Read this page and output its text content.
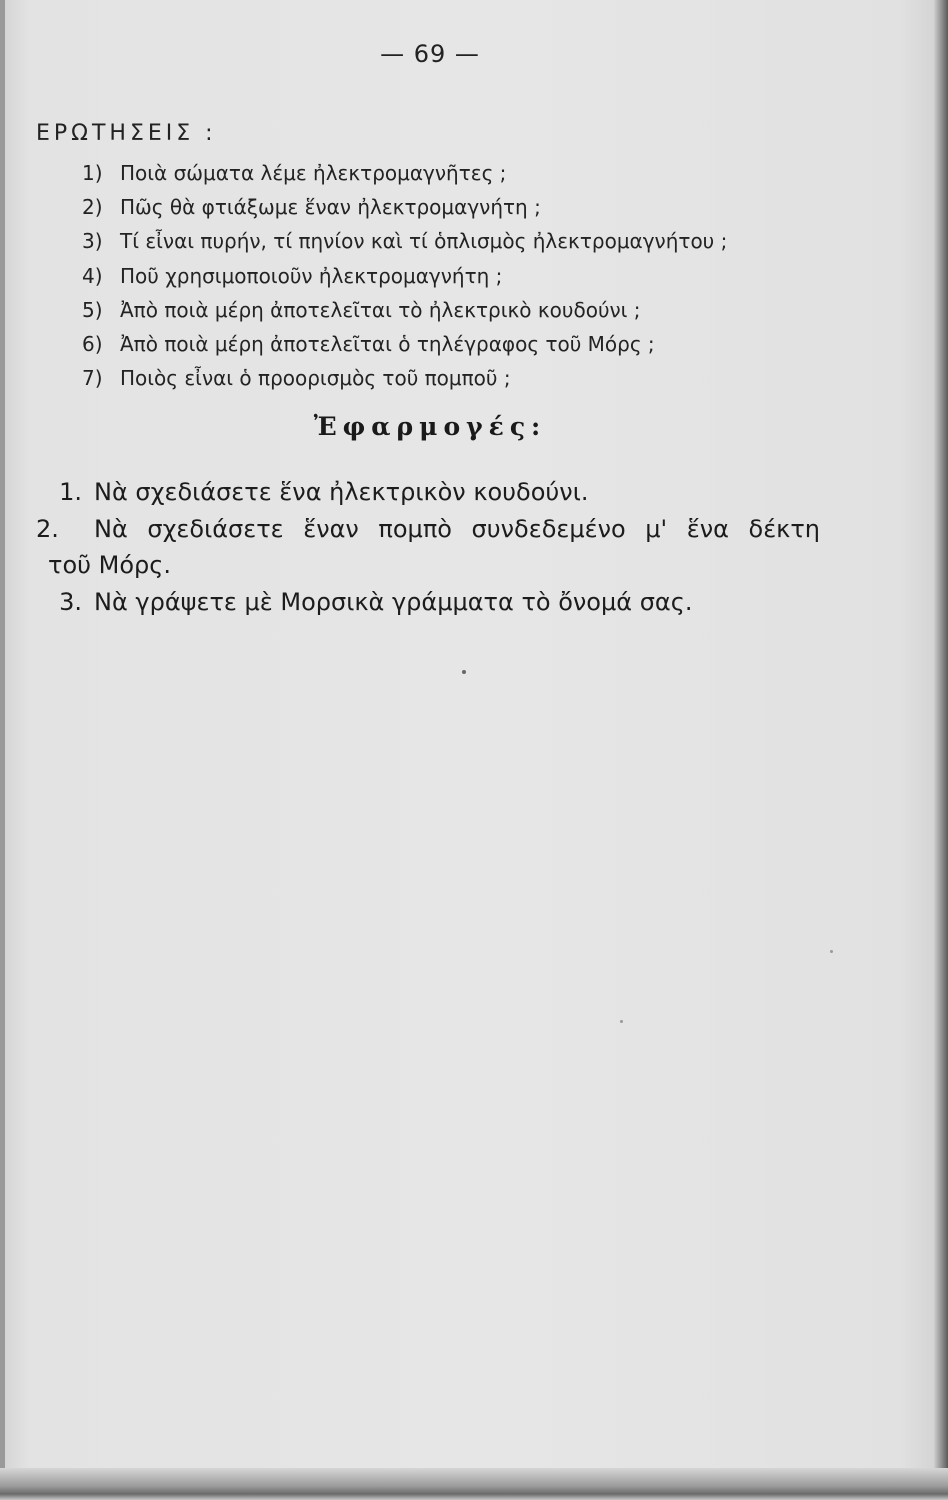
— 69 —
ΕΡΩΤΗΣΕΙΣ :
1) Ποιὰ σώματα λέμε ἠλεκτρομαγνῆτες ;
2) Πῶς θὰ φτιάξωμε ἕναν ἠλεκτρομαγνήτη ;
3) Τί εἶναι πυρήν, τί πηνίον καὶ τί ὁπλισμὸς ἠλεκτρομαγνήτου ;
4) Ποῦ χρησιμοποιοῦν ἠλεκτρομαγνήτη ;
5) Ἀπὸ ποιὰ μέρη ἀποτελεῖται τὸ ἠλεκτρικὸ κουδούνι ;
6) Ἀπὸ ποιὰ μέρη ἀποτελεῖται ὁ τηλέγραφος τοῦ Μόρς ;
7) Ποιὸς εἶναι ὁ προορισμὸς τοῦ πομποῦ ;
Ἐφαρμογές:
1. Νὰ σχεδιάσετε ἕνα ἠλεκτρικὸν κουδούνι.
2. Νὰ σχεδιάσετε ἕναν πομπὸ συνδεδεμένο μ' ἕνα δέκτη
τοῦ Μόρς.
3. Νὰ γράψετε μὲ Μορσικὰ γράμματα τὸ ὄνομά σας.
